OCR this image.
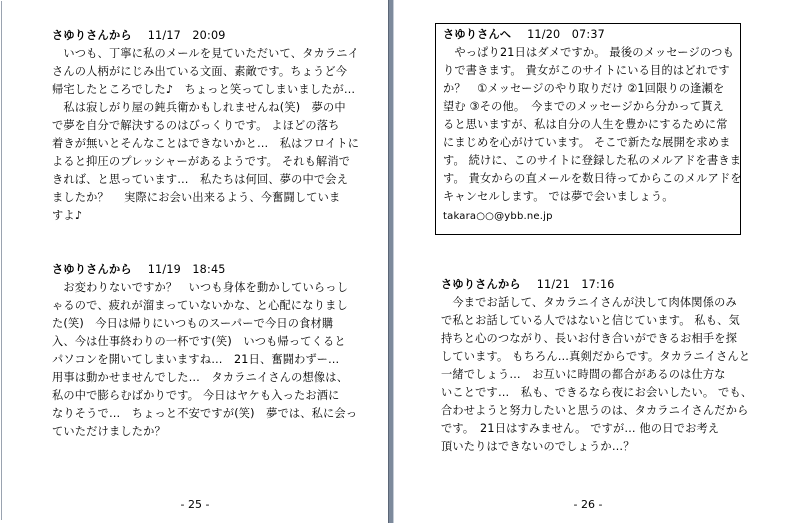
さゆりさんから 11/17　20:09
　いつも、丁寧に私のメールを見ていただいて、タカラニイ
さんの人柄がにじみ出ている文面、素敵です。ちょうど今
帰宅したところでした♪　ちょっと笑ってしまいましたが…
　私は寂しがり屋の鈍兵衛かもしれませんね(笑)　夢の中
で夢を自分で解決するのはびっくりです。 よほどの落ち
着きが無いとそんなことはできないかと…　私はフロイトに
よると抑圧のプレッシャーがあるようです。 それも解消で
きれば、と思っています…　私たちは何回、夢の中で会え
ましたか？　 実際にお会い出来るよう、今奮闘していま
すよ♪
さゆりさんから 11/19　18:45
　お変わりないですか？　いつも身体を動かしていらっし
ゃるので、疲れが溜まっていないかな、と心配になりまし
た(笑)　今日は帰りにいつものスーパーで今日の食材購
入、今は仕事終わりの一杯です(笑)　いつも帰ってくると
パソコンを開いてしまいますね…　21日、奮闘わずー…
用事は動かせませんでした…　タカラニイさんの想像は、
私の中で膨らむばかりです。 今日はヤケも入ったお酒に
なりそうで…　ちょっと不安ですが(笑)　夢では、私に会っ
ていただけましたか？
- 25 -
さゆりさんへ 11/20　07:37
　やっぱり21日はダメですか。 最後のメッセージのつも
りで書きます。 貴女がこのサイトにいる目的はどれです
か？　①メッセージのやり取りだけ ②1回限りの逢瀬を
望む ③その他。　今までのメッセージから分かって貰え
ると思いますが、私は自分の人生を豊かにするために常
にまじめを心がけています。 そこで新たな展開を求めま
す。 続けに、このサイトに登録した私のメルアドを書きま
す。 貴女からの直メールを数日待ってからこのメルアドを
キャンセルします。 では夢で会いましょう。
takara○○@ybb.ne.jp
さゆりさんから 11/21　17:16
　今までお話して、タカラニイさんが決して肉体関係のみ
で私とお話している人ではないと信じています。 私も、気
持ちと心のつながり、長いお付き合いができるお相手を探
しています。 もちろん…真剣だからです。タカラニイさんと
一緒でしょう…　お互いに時間の都合があるのは仕方な
いことです…　私も、できるなら夜にお会いしたい。 でも、
合わせようと努力したいと思うのは、タカラニイさんだから
です。　21日はすみません。 ですが… 他の日でお考え
頂いたりはできないのでしょうか…？
- 26 -
